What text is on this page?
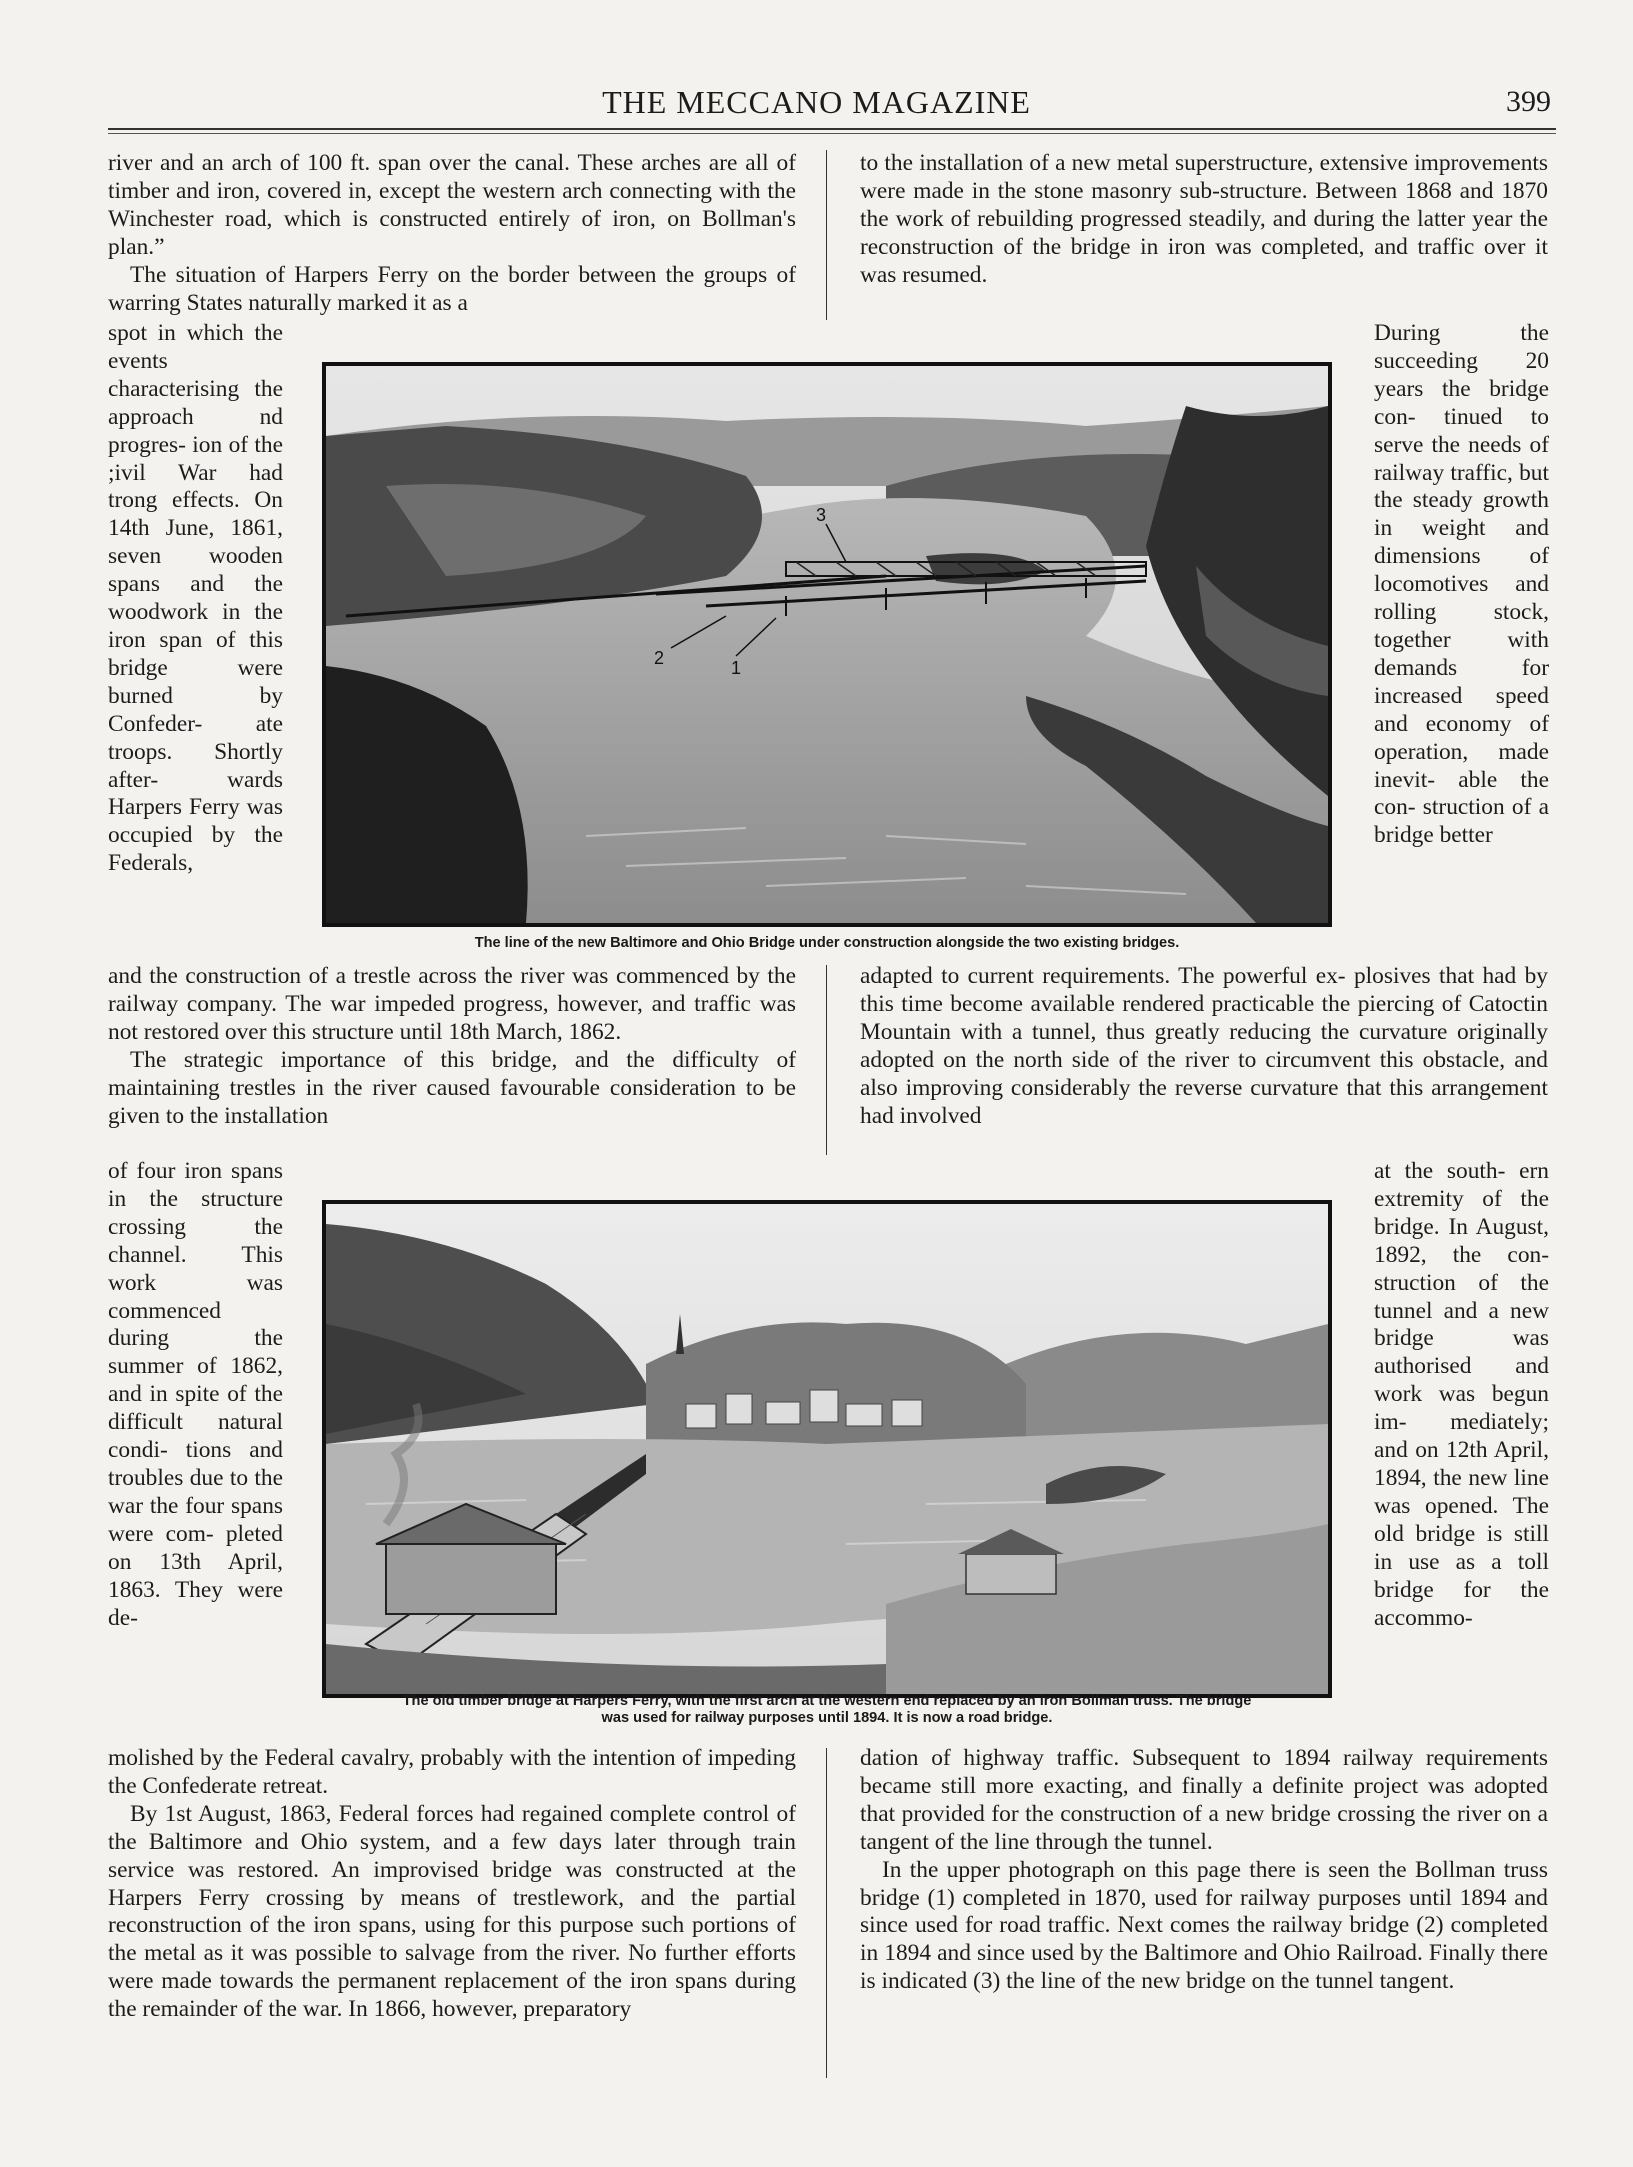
THE MECCANO MAGAZINE	399

river and an arch of 100 ft. span over the canal. These arches are all of timber and iron, covered in, except the western arch connecting with the Winchester road, which is constructed entirely of iron, on Bollman's plan.”

The situation of Harpers Ferry on the border between the groups of warring States naturally marked it as a

spot in which the events characterising the approach nd progres- ion of the ;ivil War had trong effects. On 14th June, 1861, seven wooden spans and the woodwork in the iron span of this bridge were burned by Confeder- ate troops. Shortly after- wards Harpers Ferry was occupied by the Federals,

and the construction of a trestle across the river was commenced by the railway company. The war impeded progress, however, and traffic was not restored over this structure until 18th March, 1862.

The strategic importance of this bridge, and the difficulty of maintaining trestles in the river caused favourable consideration to be given to the installation

of four iron spans in the structure crossing the channel. This work was commenced during the summer of 1862, and in spite of the difficult natural condi- tions and troubles due to the war the four spans were com- pleted on 13th April, 1863. They were de-

molished by the Federal cavalry, probably with the intention of impeding the Confederate retreat.

By 1st August, 1863, Federal forces had regained complete control of the Baltimore and Ohio system, and a few days later through train service was restored. An improvised bridge was constructed at the Harpers Ferry crossing by means of trestlework, and the partial reconstruction of the iron spans, using for this purpose such portions of the metal as it was possible to salvage from the river. No further efforts were made towards the permanent replacement of the iron spans during the remainder of the war. In 1866, however, preparatory

to the installation of a new metal superstructure, extensive improvements were made in the stone masonry sub-structure. Between 1868 and 1870 the work of rebuilding progressed steadily, and during the latter year the reconstruction of the bridge in iron was completed, and traffic over it was resumed.

During the succeeding 20 years the bridge con- tinued to serve the needs of railway traffic, but the steady growth in weight and dimensions of locomotives and rolling stock, together with demands for increased speed and economy of operation, made inevit- able the con- struction of a bridge better

adapted to current requirements. The powerful ex- plosives that had by this time become available rendered practicable the piercing of Catoctin Mountain with a tunnel, thus greatly reducing the curvature originally adopted on the north side of the river to circumvent this obstacle, and also improving considerably the reverse curvature that this arrangement had involved

at the south- ern extremity of the bridge. In August, 1892, the con- struction of the tunnel and a new bridge was authorised and work was begun im- mediately; and on 12th April, 1894, the new line was opened. The old bridge is still in use as a toll bridge for the accommo-

dation of highway traffic. Subsequent to 1894 railway requirements became still more exacting, and finally a definite project was adopted that provided for the construction of a new bridge crossing the river on a tangent of the line through the tunnel.

In the upper photograph on this page there is seen the Bollman truss bridge (1) completed in 1870, used for railway purposes until 1894 and since used for road traffic. Next comes the railway bridge (2) completed in 1894 and since used by the Baltimore and Ohio Railroad. Finally there is indicated (3) the line of the new bridge on the tunnel tangent.

3
2	1
The line of the new Baltimore and Ohio Bridge under construction alongside the two existing bridges.
The old timber bridge at Harpers Ferry, with the first arch at the western end replaced by an iron Bollman truss. The bridge
was used for railway purposes until 1894. It is now a road bridge.
